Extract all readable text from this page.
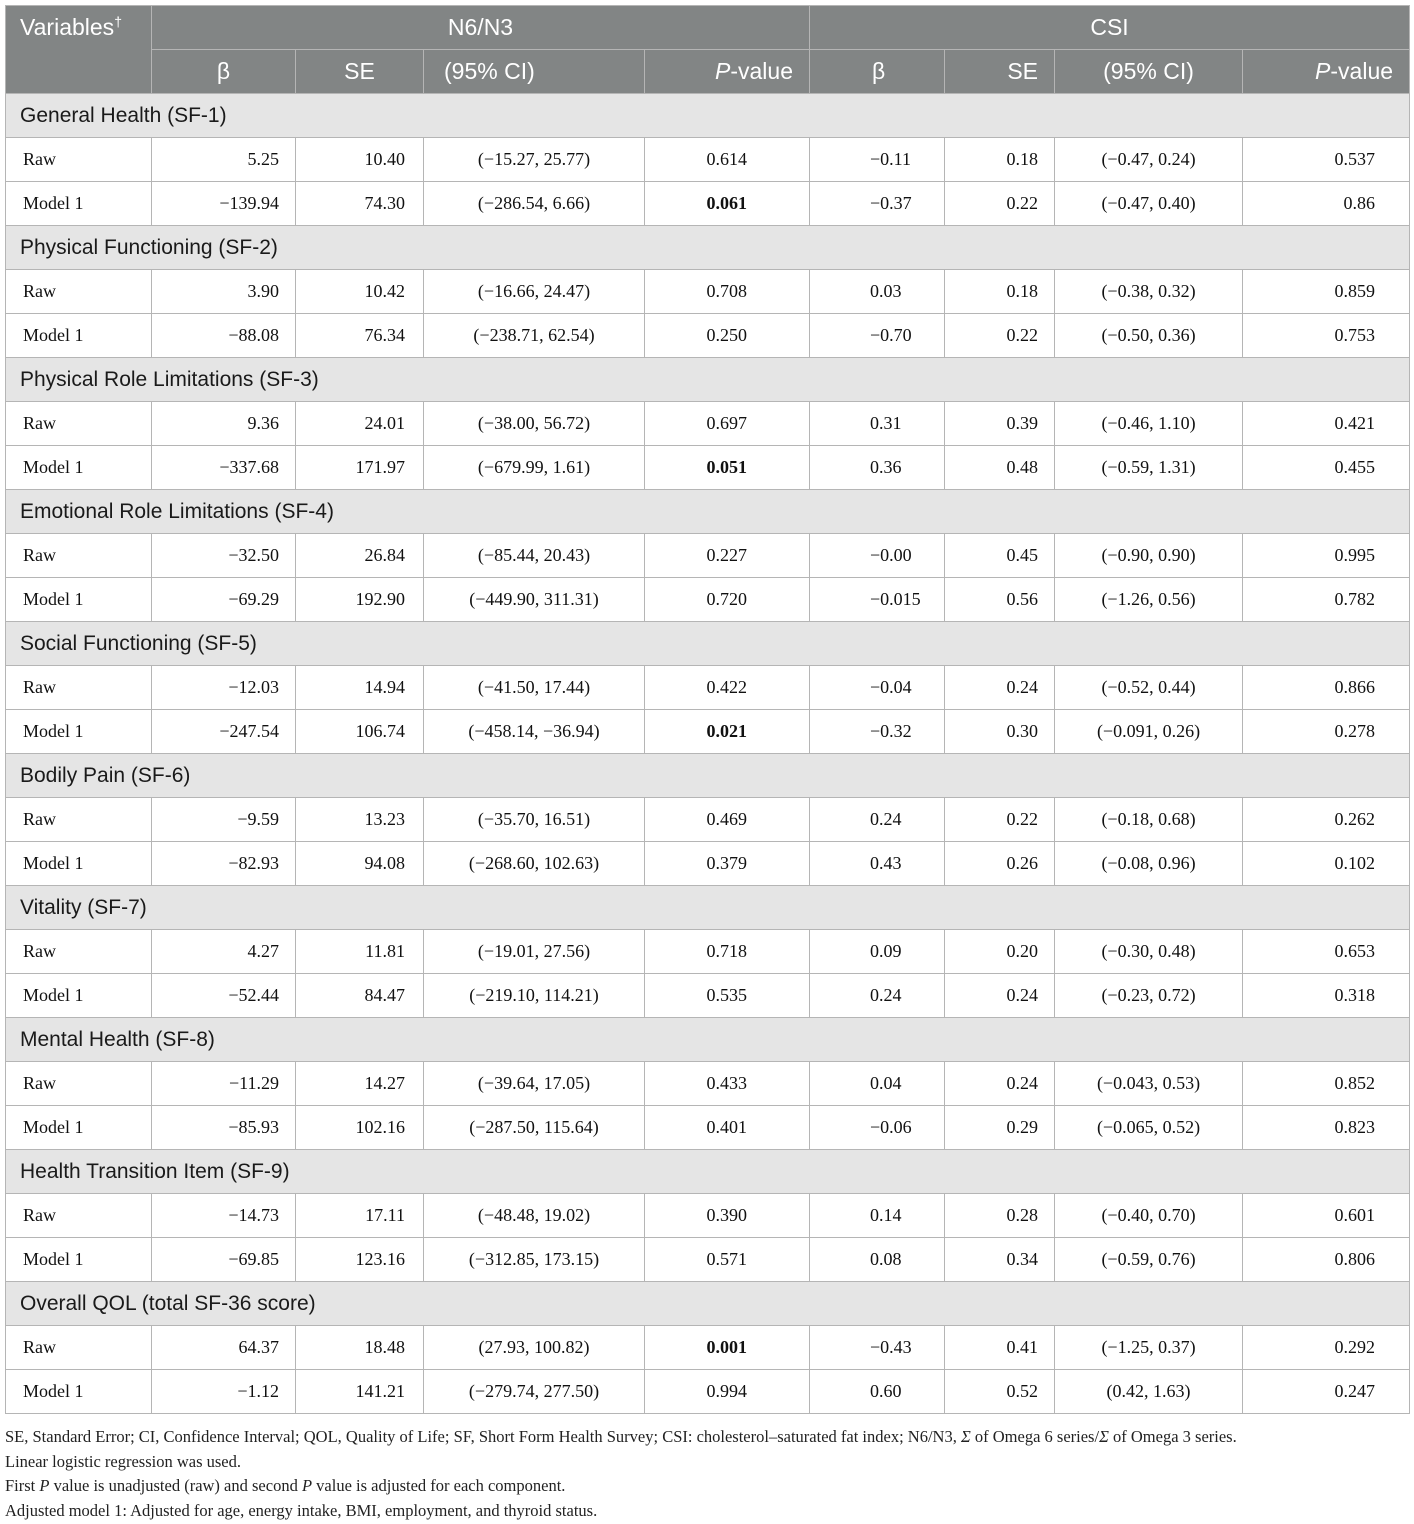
Variables†	N6/N3				CSI			
	β	SE	(95% CI)	P-value	β	SE	(95% CI)	P-value
General Health (SF-1)								
Raw	5.25	10.40	(−15.27, 25.77)	0.614	−0.11	0.18	(−0.47, 0.24)	0.537
Model 1	−139.94	74.30	(−286.54, 6.66)	0.061	−0.37	0.22	(−0.47, 0.40)	0.86
Physical Functioning (SF-2)								
Raw	3.90	10.42	(−16.66, 24.47)	0.708	0.03	0.18	(−0.38, 0.32)	0.859
Model 1	−88.08	76.34	(−238.71, 62.54)	0.250	−0.70	0.22	(−0.50, 0.36)	0.753
Physical Role Limitations (SF-3)								
Raw	9.36	24.01	(−38.00, 56.72)	0.697	0.31	0.39	(−0.46, 1.10)	0.421
Model 1	−337.68	171.97	(−679.99, 1.61)	0.051	0.36	0.48	(−0.59, 1.31)	0.455
Emotional Role Limitations (SF-4)								
Raw	−32.50	26.84	(−85.44, 20.43)	0.227	−0.00	0.45	(−0.90, 0.90)	0.995
Model 1	−69.29	192.90	(−449.90, 311.31)	0.720	−0.015	0.56	(−1.26, 0.56)	0.782
Social Functioning (SF-5)								
Raw	−12.03	14.94	(−41.50, 17.44)	0.422	−0.04	0.24	(−0.52, 0.44)	0.866
Model 1	−247.54	106.74	(−458.14, −36.94)	0.021	−0.32	0.30	(−0.091, 0.26)	0.278
Bodily Pain (SF-6)								
Raw	−9.59	13.23	(−35.70, 16.51)	0.469	0.24	0.22	(−0.18, 0.68)	0.262
Model 1	−82.93	94.08	(−268.60, 102.63)	0.379	0.43	0.26	(−0.08, 0.96)	0.102
Vitality (SF-7)								
Raw	4.27	11.81	(−19.01, 27.56)	0.718	0.09	0.20	(−0.30, 0.48)	0.653
Model 1	−52.44	84.47	(−219.10, 114.21)	0.535	0.24	0.24	(−0.23, 0.72)	0.318
Mental Health (SF-8)								
Raw	−11.29	14.27	(−39.64, 17.05)	0.433	0.04	0.24	(−0.043, 0.53)	0.852
Model 1	−85.93	102.16	(−287.50, 115.64)	0.401	−0.06	0.29	(−0.065, 0.52)	0.823
Health Transition Item (SF-9)								
Raw	−14.73	17.11	(−48.48, 19.02)	0.390	0.14	0.28	(−0.40, 0.70)	0.601
Model 1	−69.85	123.16	(−312.85, 173.15)	0.571	0.08	0.34	(−0.59, 0.76)	0.806
Overall QOL (total SF-36 score)								
Raw	64.37	18.48	(27.93, 100.82)	0.001	−0.43	0.41	(−1.25, 0.37)	0.292
Model 1	−1.12	141.21	(−279.74, 277.50)	0.994	0.60	0.52	(0.42, 1.63)	0.247

SE, Standard Error; CI, Confidence Interval; QOL, Quality of Life; SF, Short Form Health Survey; CSI: cholesterol–saturated fat index; N6/N3, Σ of Omega 6 series/Σ of Omega 3 series.

Linear logistic regression was used.

First P value is unadjusted (raw) and second P value is adjusted for each component.

Adjusted model 1: Adjusted for age, energy intake, BMI, employment, and thyroid status.
